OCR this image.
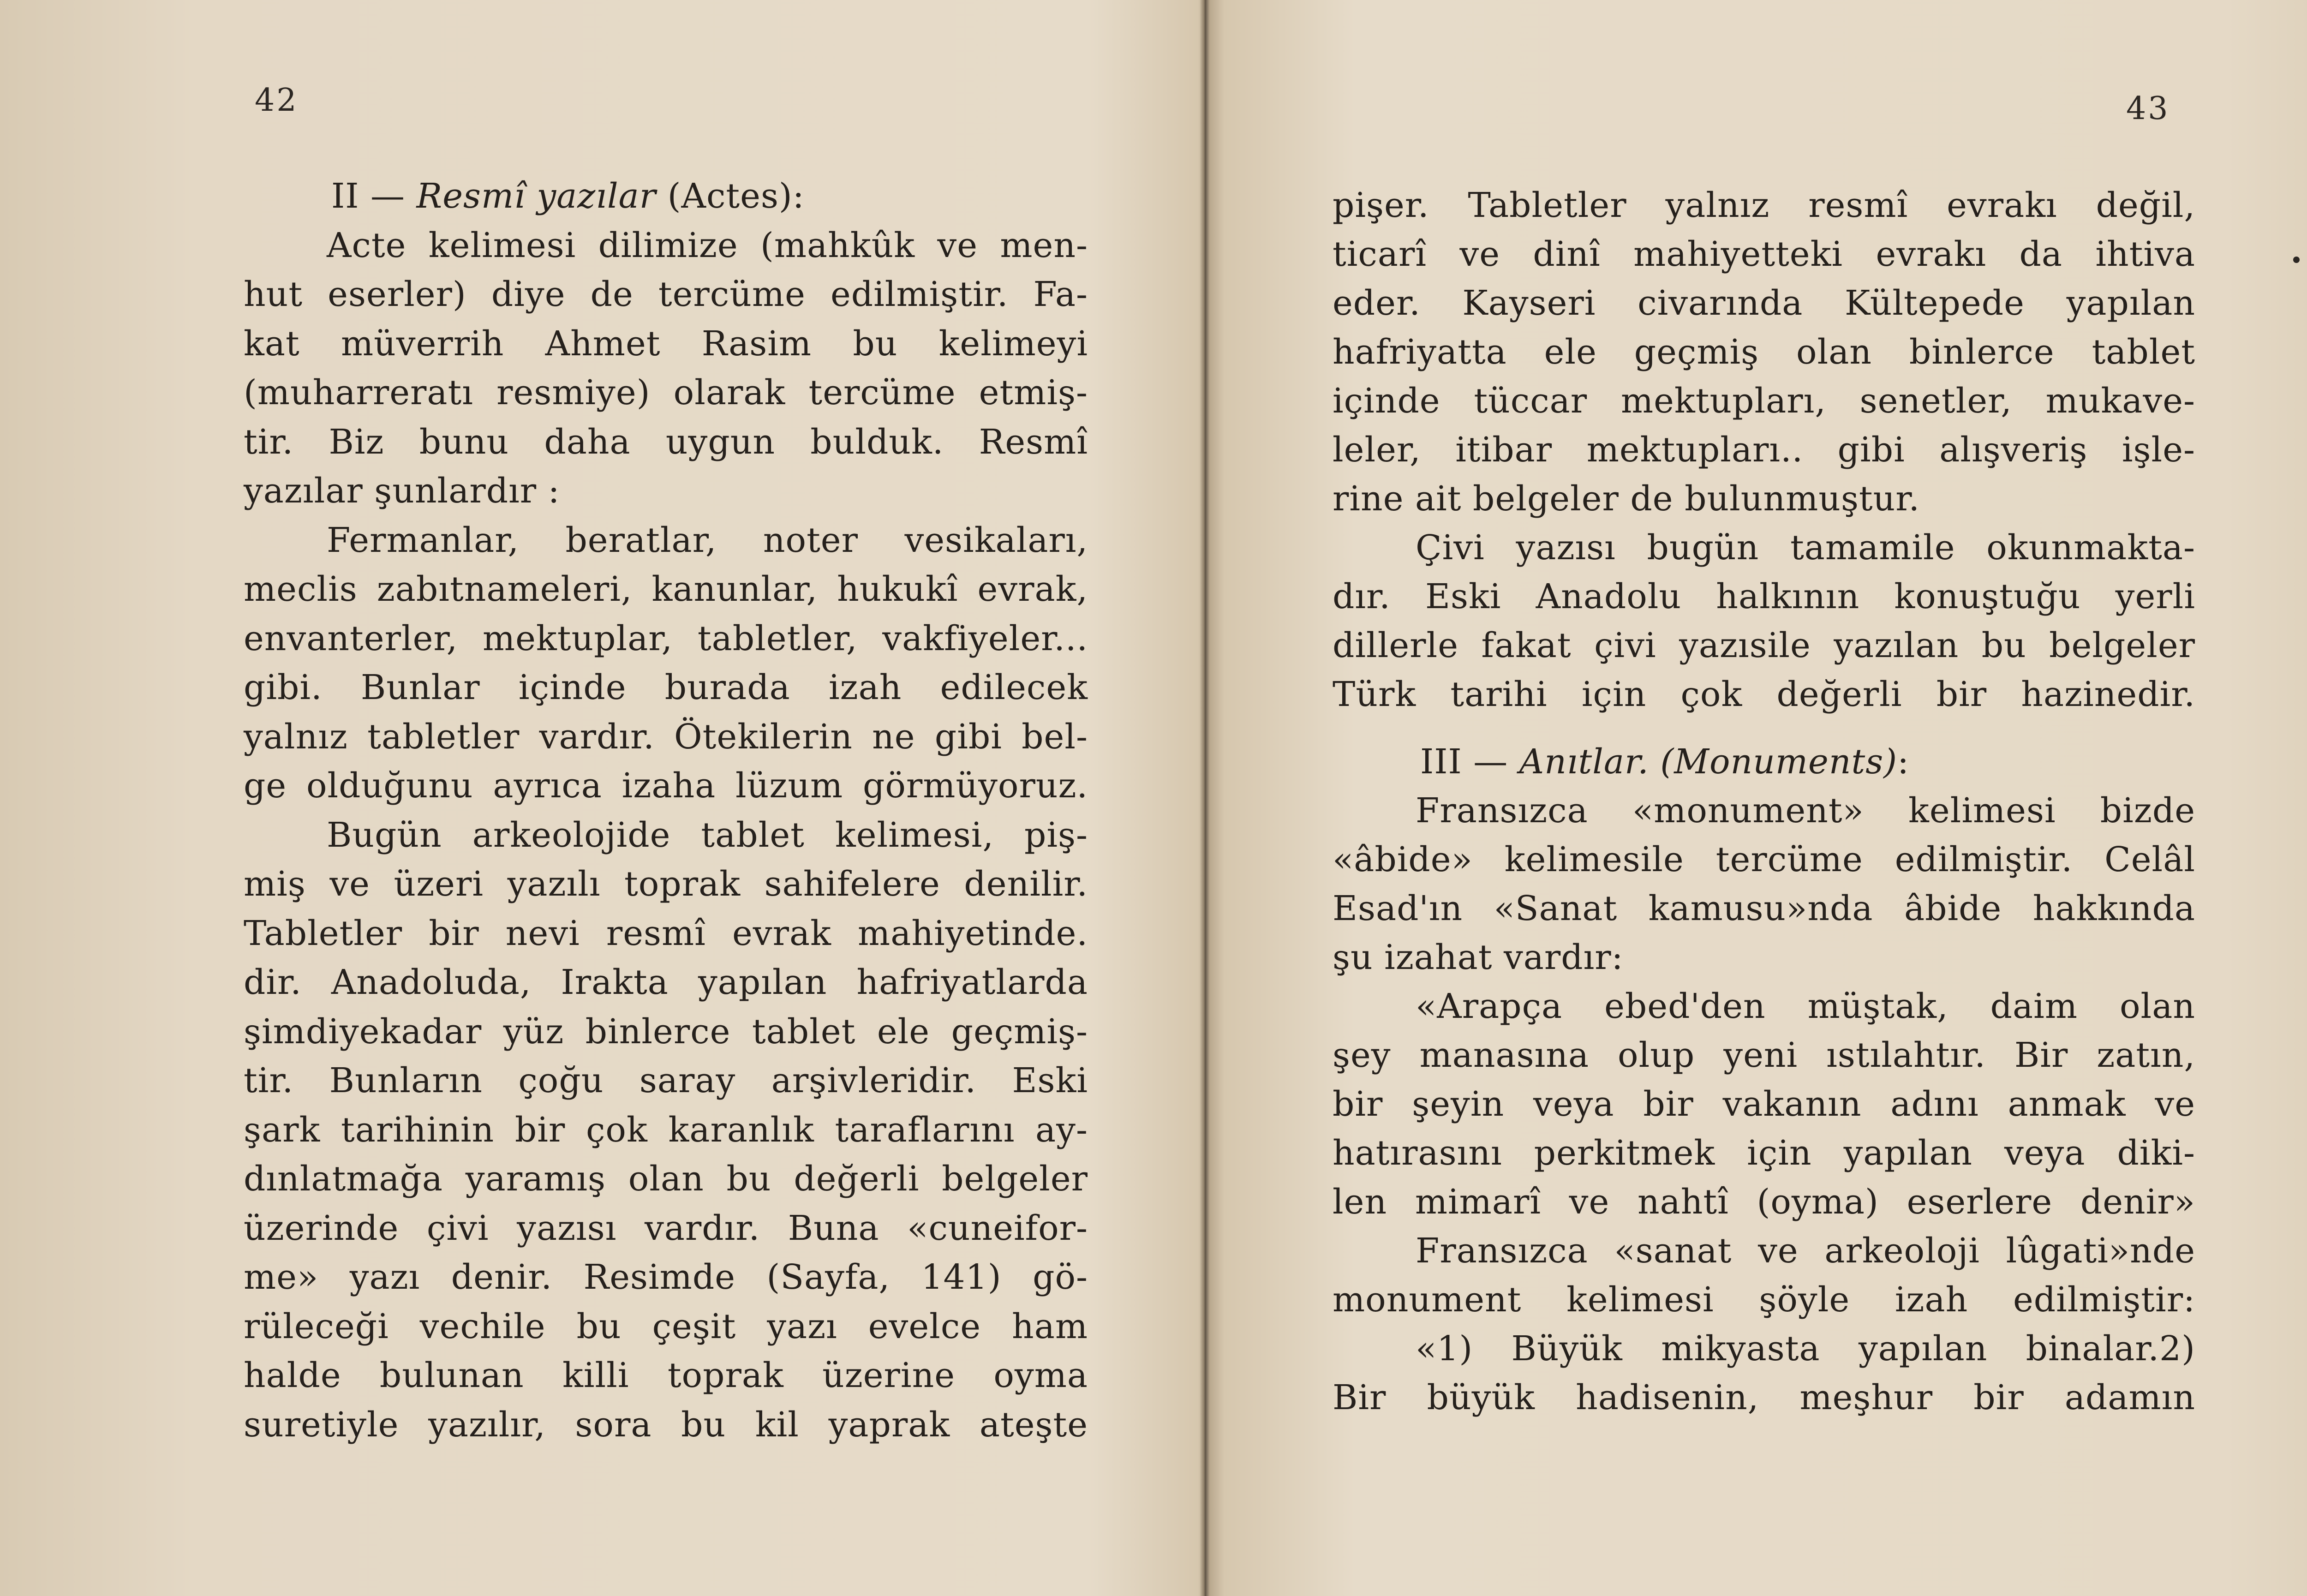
42
II — Resmî yazılar (Actes):
Acte kelimesi dilimize (mahkûk ve men-
hut eserler) diye de tercüme edilmiştir. Fa-
kat müverrih Ahmet Rasim bu kelimeyi
(muharreratı resmiye) olarak tercüme etmiş-
tir. Biz bunu daha uygun bulduk. Resmî
yazılar şunlardır :
Fermanlar, beratlar, noter vesikaları,
meclis zabıtnameleri, kanunlar, hukukî evrak,
envanterler, mektuplar, tabletler, vakfiyeler...
gibi. Bunlar içinde burada izah edilecek
yalnız tabletler vardır. Ötekilerin ne gibi bel-
ge olduğunu ayrıca izaha lüzum görmüyoruz.
Bugün arkeolojide tablet kelimesi, piş-
miş ve üzeri yazılı toprak sahifelere denilir.
Tabletler bir nevi resmî evrak mahiyetinde.
dir. Anadoluda, Irakta yapılan hafriyatlarda
şimdiyekadar yüz binlerce tablet ele geçmiş-
tir. Bunların çoğu saray arşivleridir. Eski
şark tarihinin bir çok karanlık taraflarını ay-
dınlatmağa yaramış olan bu değerli belgeler
üzerinde çivi yazısı vardır. Buna «cuneifor-
me» yazı denir. Resimde (Sayfa, 141) gö-
rüleceği vechile bu çeşit yazı evelce ham
halde bulunan killi toprak üzerine oyma
suretiyle yazılır, sora bu kil yaprak ateşte
43
pişer. Tabletler yalnız resmî evrakı değil,
ticarî ve dinî mahiyetteki evrakı da ihtiva
eder. Kayseri civarında Kültepede yapılan
hafriyatta ele geçmiş olan binlerce tablet
içinde tüccar mektupları, senetler, mukave-
leler, itibar mektupları.. gibi alışveriş işle-
rine ait belgeler de bulunmuştur.
Çivi yazısı bugün tamamile okunmakta-
dır. Eski Anadolu halkının konuştuğu yerli
dillerle fakat çivi yazısile yazılan bu belgeler
Türk tarihi için çok değerli bir hazinedir.
III — Anıtlar. (Monuments):
Fransızca «monument» kelimesi bizde
«âbide» kelimesile tercüme edilmiştir. Celâl
Esad'ın «Sanat kamusu»nda âbide hakkında
şu izahat vardır:
«Arapça ebed'den müştak, daim olan
şey manasına olup yeni ıstılahtır. Bir zatın,
bir şeyin veya bir vakanın adını anmak ve
hatırasını perkitmek için yapılan veya diki-
len mimarî ve nahtî (oyma) eserlere denir»
Fransızca «sanat ve arkeoloji lûgati»nde
monument kelimesi şöyle izah edilmiştir:
«1) Büyük mikyasta yapılan binalar.2)
Bir büyük hadisenin, meşhur bir adamın
